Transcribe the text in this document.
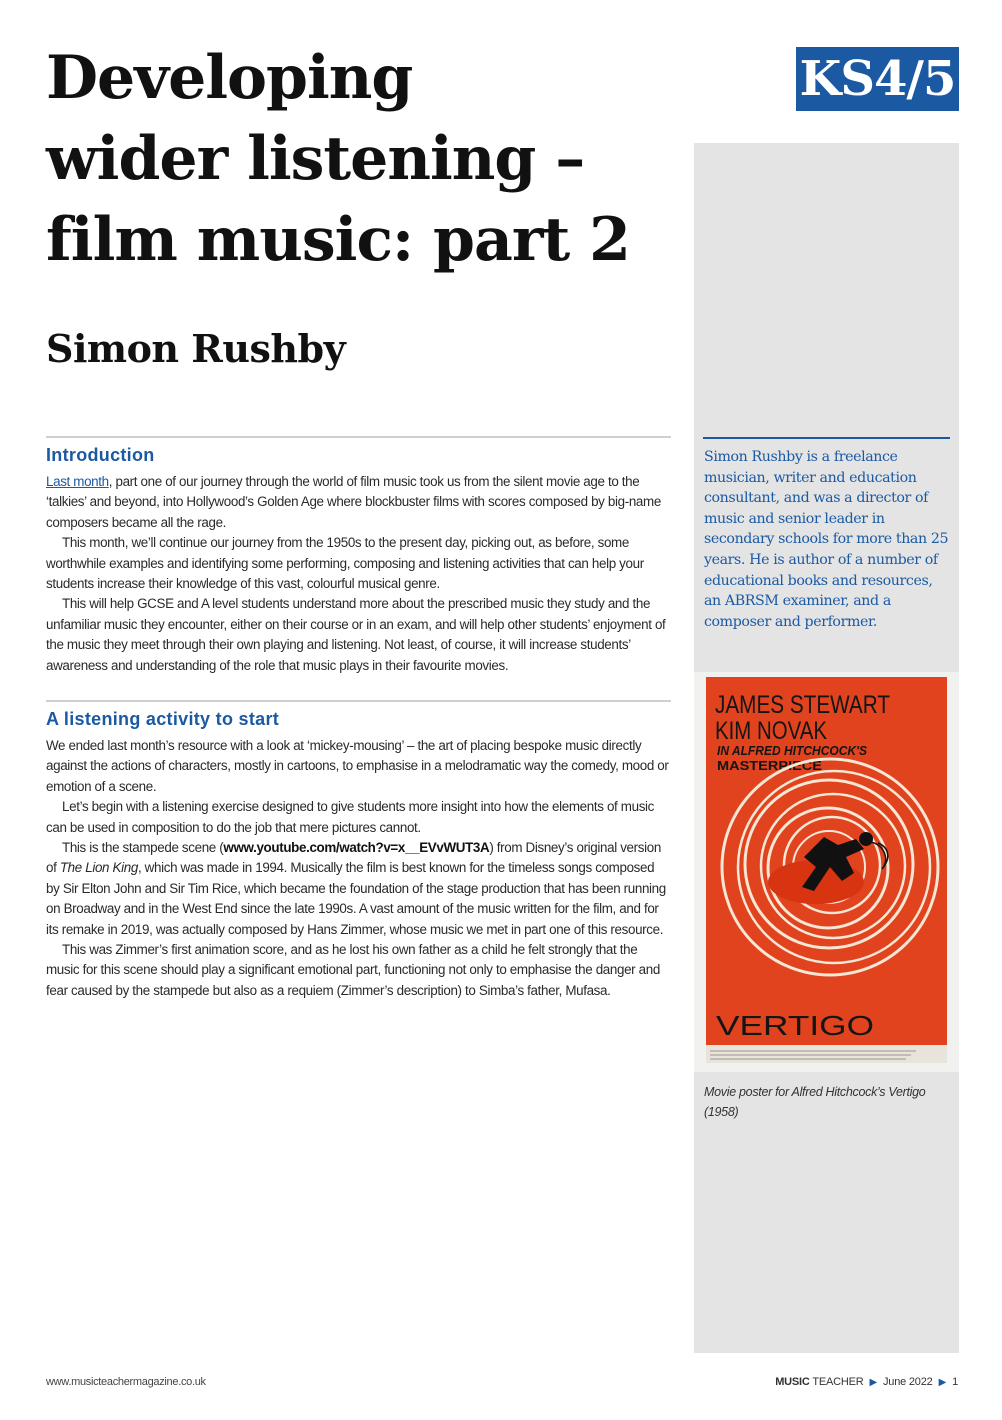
Developing
wider listening –
film music: part 2
Simon Rushby
KS4/5
Simon Rushby is a freelance musician, writer and education consultant, and was a director of music and senior leader in secondary schools for more than 25 years. He is author of a number of educational books and resources, an ABRSM examiner, and a composer and performer.
JAMES STEWART
KIM NOVAK
IN ALFRED HITCHCOCK'S
MASTERPIECE
VERTIGO
Movie poster for Alfred Hitchcock’s Vertigo (1958)
Introduction

Last month, part one of our journey through the world of film music took us from the silent movie age to the ‘talkies’ and beyond, into Hollywood’s Golden Age where blockbuster films with scores composed by big-name composers became all the rage.

This month, we’ll continue our journey from the 1950s to the present day, picking out, as before, some worthwhile examples and identifying some performing, composing and listening activities that can help your students increase their knowledge of this vast, colourful musical genre.

This will help GCSE and A level students understand more about the prescribed music they study and the unfamiliar music they encounter, either on their course or in an exam, and will help other students’ enjoyment of the music they meet through their own playing and listening. Not least, of course, it will increase students’ awareness and understanding of the role that music plays in their favourite movies.

A listening activity to start

We ended last month’s resource with a look at ‘mickey-mousing’ – the art of placing bespoke music directly against the actions of characters, mostly in cartoons, to emphasise in a melodramatic way the comedy, mood or emotion of a scene.

Let’s begin with a listening exercise designed to give students more insight into how the elements of music can be used in composition to do the job that mere pictures cannot.

This is the stampede scene (www.youtube.com/watch?v=x__EVvWUT3A) from Disney’s original version of The Lion King, which was made in 1994. Musically the film is best known for the timeless songs composed by Sir Elton John and Sir Tim Rice, which became the foundation of the stage production that has been running on Broadway and in the West End since the late 1990s. A vast amount of the music written for the film, and for its remake in 2019, was actually composed by Hans Zimmer, whose music we met in part one of this resource.

This was Zimmer’s first animation score, and as he lost his own father as a child he felt strongly that the music for this scene should play a significant emotional part, functioning not only to emphasise the danger and fear caused by the stampede but also as a requiem (Zimmer’s description) to Simba’s father, Mufasa.

www.musicteachermagazine.co.uk	MUSIC TEACHER ▶ June 2022 ▶ 1
